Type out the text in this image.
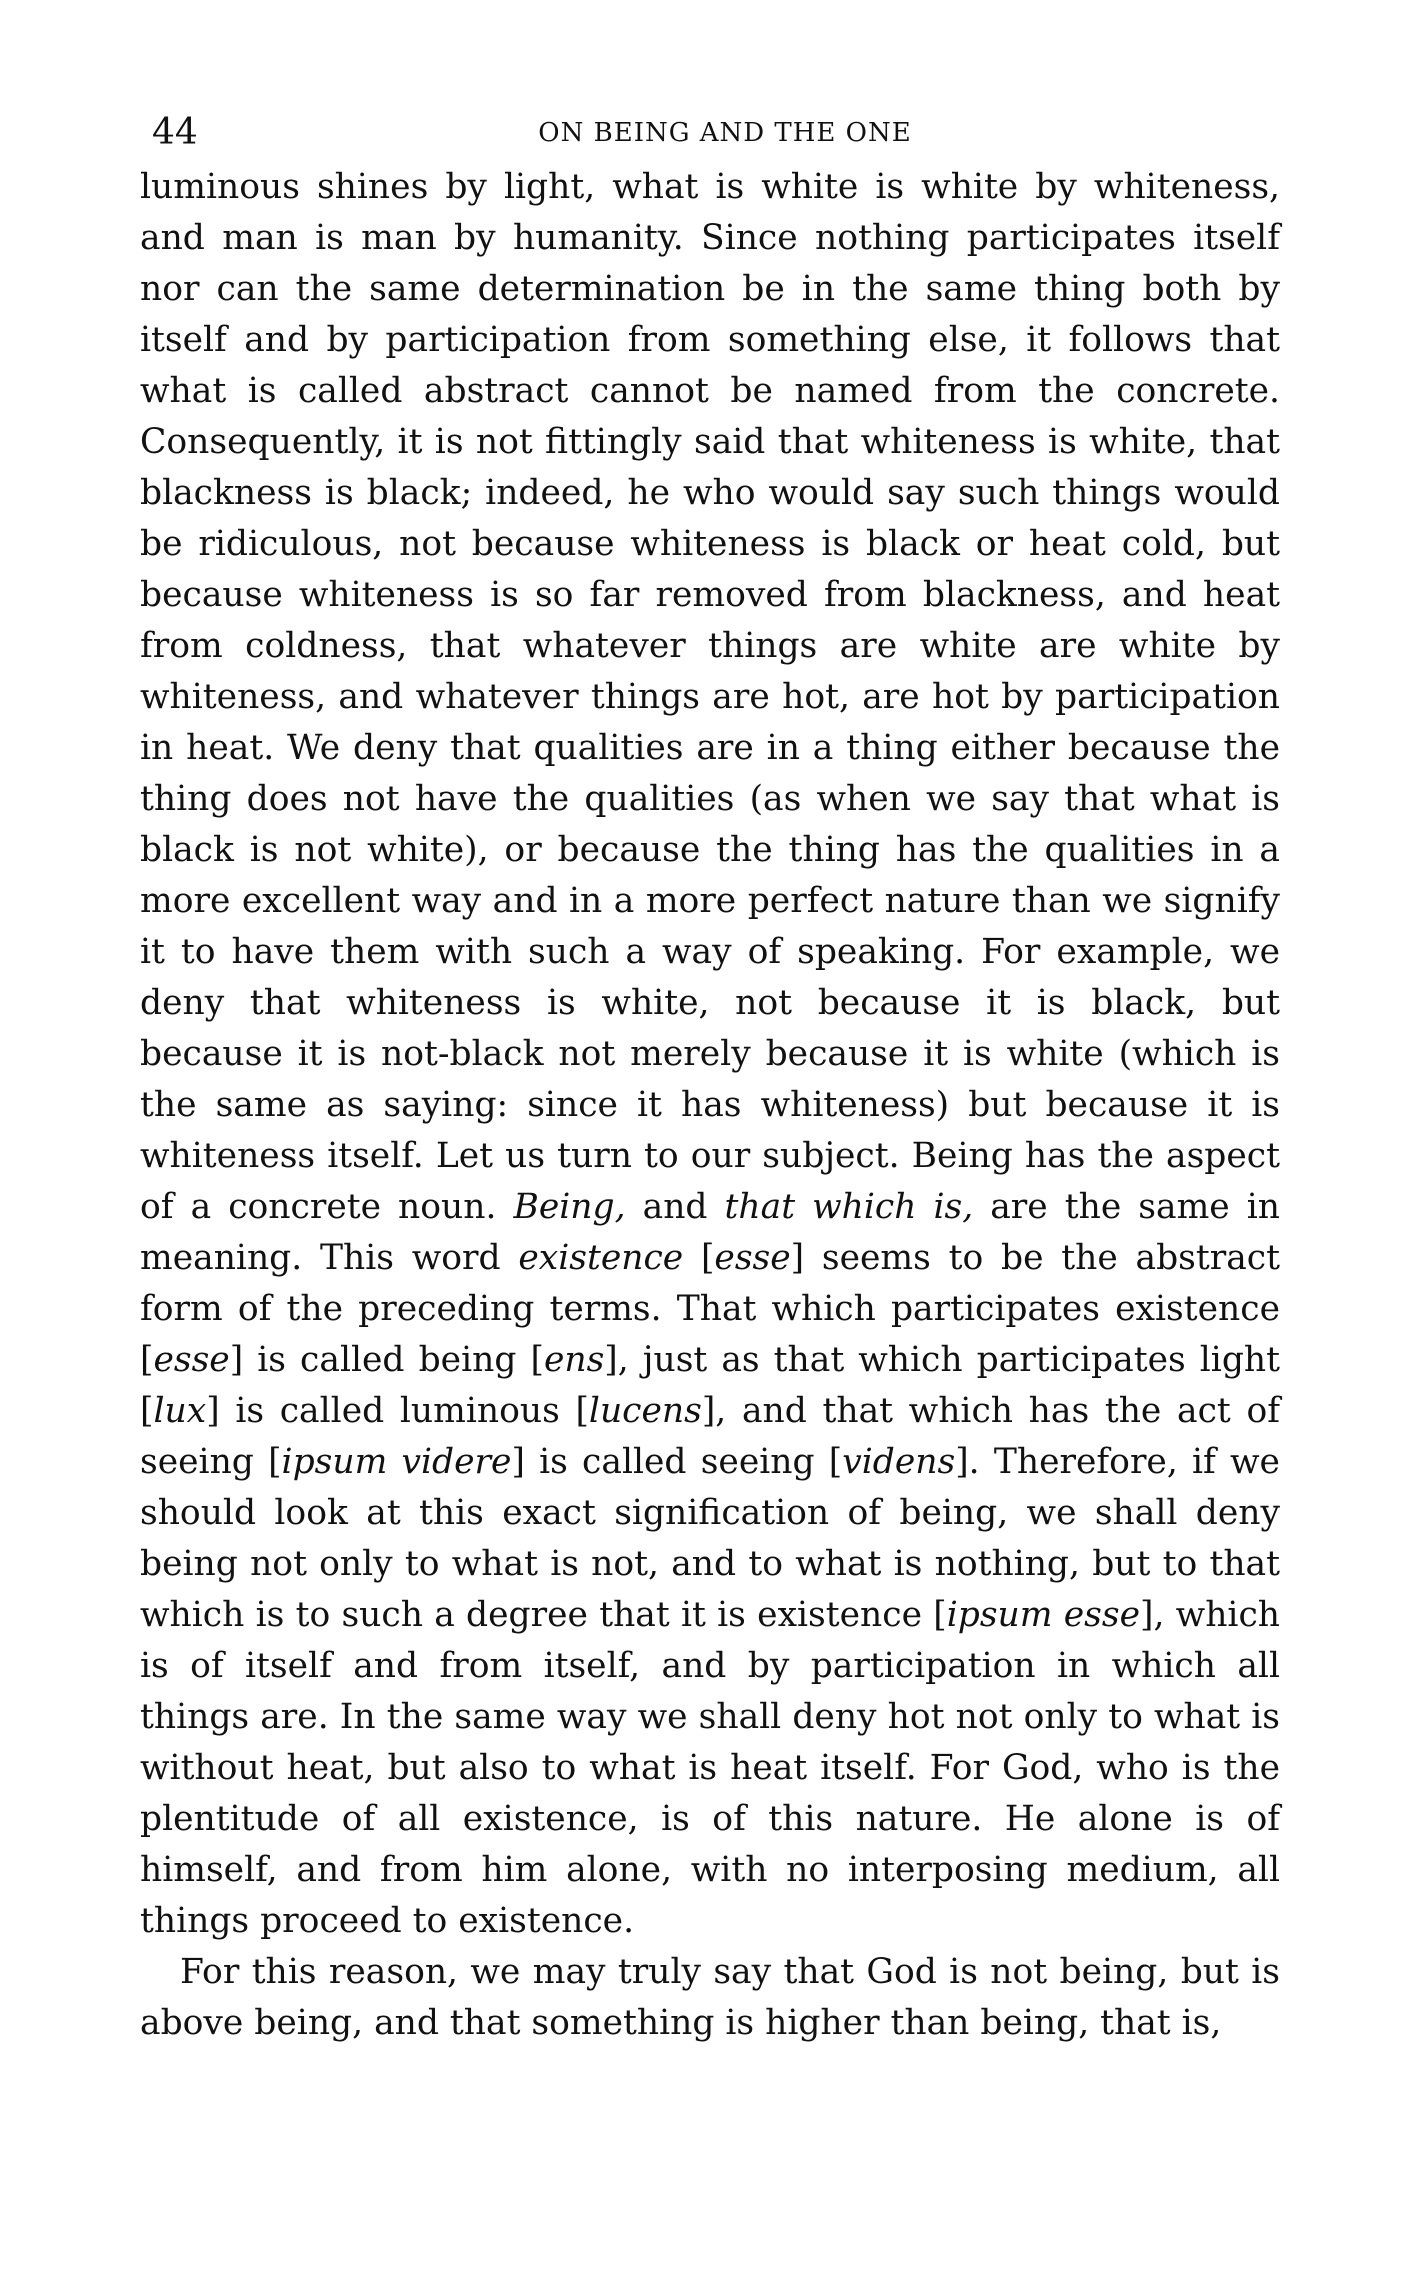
44	ON BEING AND THE ONE

luminous shines by light, what is white is white by whiteness, and man is man by humanity. Since nothing participates itself nor can the same determination be in the same thing both by itself and by participation from something else, it follows that what is called abstract cannot be named from the concrete. Consequently, it is not fittingly said that whiteness is white, that blackness is black; indeed, he who would say such things would be ridiculous, not because whiteness is black or heat cold, but because whiteness is so far removed from blackness, and heat from coldness, that whatever things are white are white by whiteness, and whatever things are hot, are hot by participation in heat. We deny that qualities are in a thing either because the thing does not have the qualities (as when we say that what is black is not white), or because the thing has the qualities in a more excellent way and in a more perfect nature than we signify it to have them with such a way of speaking. For example, we deny that whiteness is white, not because it is black, but because it is not-black not merely because it is white (which is the same as saying: since it has whiteness) but because it is whiteness itself. Let us turn to our subject. Being has the aspect of a concrete noun. Being, and that which is, are the same in meaning. This word existence [esse] seems to be the abstract form of the preceding terms. That which participates existence [esse] is called being [ens], just as that which participates light [lux] is called luminous [lucens], and that which has the act of seeing [ipsum videre] is called seeing [videns]. Therefore, if we should look at this exact signification of being, we shall deny being not only to what is not, and to what is nothing, but to that which is to such a degree that it is existence [ipsum esse], which is of itself and from itself, and by participation in which all things are. In the same way we shall deny hot not only to what is without heat, but also to what is heat itself. For God, who is the plentitude of all existence, is of this nature. He alone is of himself, and from him alone, with no interposing medium, all things proceed to existence.

For this reason, we may truly say that God is not being, but is above being, and that something is higher than being, that is,
